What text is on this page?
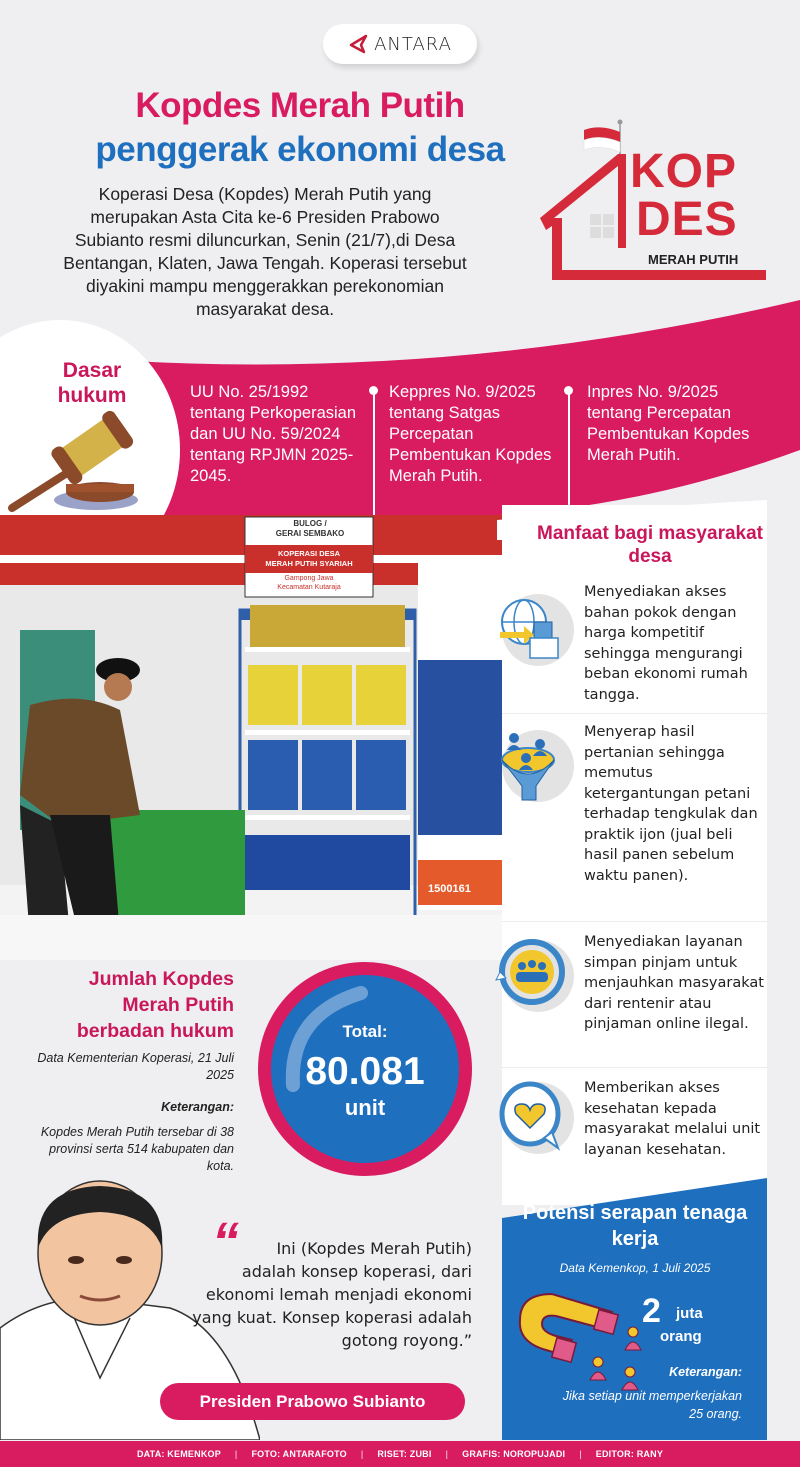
ANTARA
Kopdes Merah Putih
penggerak ekonomi desa
Koperasi Desa (Kopdes) Merah Putih yang merupakan Asta Cita ke-6 Presiden Prabowo Subianto resmi diluncurkan, Senin (21/7),di Desa Bentangan, Klaten, Jawa Tengah. Koperasi tersebut diyakini mampu menggerakkan perekonomian masyarakat desa.
KOP
DES
MERAH PUTIH
Dasar hukum	UU No. 25/1992 tentang Perkoperasian dan UU No. 59/2024 tentang RPJMN 2025-2045.
Keppres No. 9/2025 tentang Satgas Percepatan Pembentukan Kopdes Merah Putih.
Inpres No. 9/2025 tentang Percepatan Pembentukan Kopdes Merah Putih.
BULOG /
GERAI SEMBAKO
KOPERASI DESA
MERAH PUTIH SYARIAH
Gampong Jawa
Kecamatan Kutaraja
1500161
Manfaat bagi masyarakat desa
Menyediakan akses bahan pokok dengan harga kompetitif sehingga mengurangi beban ekonomi rumah tangga.
Menyerap hasil pertanian sehingga memutus ketergantungan petani terhadap tengkulak dan praktik ijon (jual beli hasil panen sebelum waktu panen).
Menyediakan layanan simpan pinjam untuk menjauhkan masyarakat dari rentenir atau pinjaman online ilegal.
Memberikan akses kesehatan kepada masyarakat melalui unit layanan kesehatan.
Potensi serapan tenaga kerja
Data Kemenkop, 1 Juli 2025
2 juta
orang
Keterangan:
Jika setiap unit memperkerjakan 25 orang.
Jumlah Kopdes Merah Putih berbadan hukum
Data Kementerian Koperasi, 21 Juli 2025
Keterangan:
Kopdes Merah Putih tersebar di 38 provinsi serta 514 kabupaten dan kota.
Total:
80.081
unit
“	Ini (Kopdes Merah Putih) adalah konsep koperasi, dari ekonomi lemah menjadi ekonomi yang kuat. Konsep koperasi adalah gotong royong.”
Presiden Prabowo Subianto
DATA: KEMENKOP | FOTO: ANTARAFOTO | RISET: ZUBI | GRAFIS: NOROPUJADI | EDITOR: RANY
